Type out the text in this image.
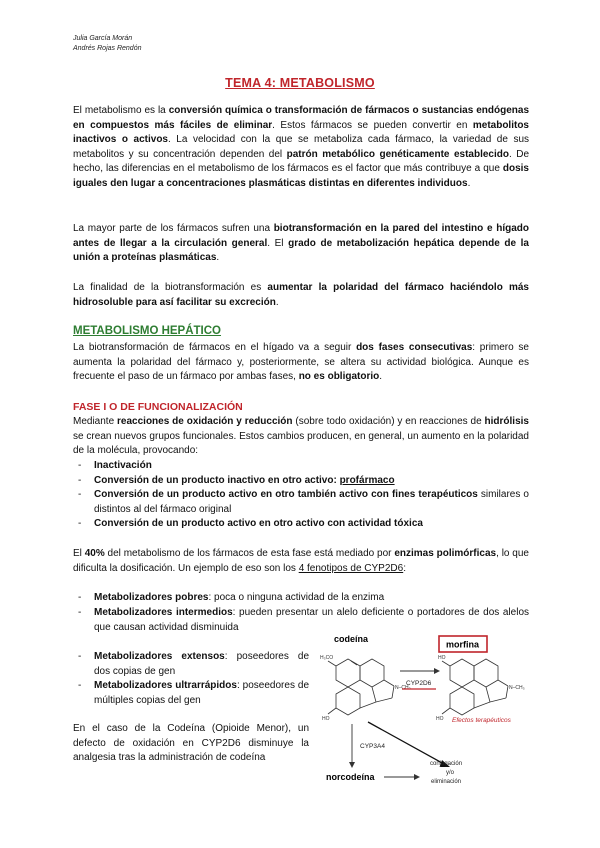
Julia García Morán
Andrés Rojas Rendón
TEMA 4: METABOLISMO
El metabolismo es la conversión química o transformación de fármacos o sustancias endógenas en compuestos más fáciles de eliminar. Estos fármacos se pueden convertir en metabolitos inactivos o activos. La velocidad con la que se metaboliza cada fármaco, la variedad de sus metabolitos y su concentración dependen del patrón metabólico genéticamente establecido. De hecho, las diferencias en el metabolismo de los fármacos es el factor que más contribuye a que dosis iguales den lugar a concentraciones plasmáticas distintas en diferentes individuos.
La mayor parte de los fármacos sufren una biotransformación en la pared del intestino e hígado antes de llegar a la circulación general. El grado de metabolización hepática depende de la unión a proteínas plasmáticas.
La finalidad de la biotransformación es aumentar la polaridad del fármaco haciéndolo más hidrosoluble para así facilitar su excreción.
METABOLISMO HEPÁTICO
La biotransformación de fármacos en el hígado va a seguir dos fases consecutivas: primero se aumenta la polaridad del fármaco y, posteriormente, se altera su actividad biológica. Aunque es frecuente el paso de un fármaco por ambas fases, no es obligatorio.
FASE I O DE FUNCIONALIZACIÓN
Mediante reacciones de oxidación y reducción (sobre todo oxidación) y en reacciones de hidrólisis se crean nuevos grupos funcionales. Estos cambios producen, en general, un aumento en la polaridad de la molécula, provocando:
- Inactivación
- Conversión de un producto inactivo en otro activo: profármaco
- Conversión de un producto activo en otro también activo con fines terapéuticos similares o distintos al del fármaco original
- Conversión de un producto activo en otro activo con actividad tóxica
El 40% del metabolismo de los fármacos de esta fase está mediado por enzimas polimórficas, lo que dificulta la dosificación. Un ejemplo de eso son los 4 fenotipos de CYP2D6:
- Metabolizadores pobres: poca o ninguna actividad de la enzima
- Metabolizadores intermedios: pueden presentar un alelo deficiente o portadores de dos alelos que causan actividad disminuida
- Metabolizadores extensos: poseedores de dos copias de gen
- Metabolizadores ultrarrápidos: poseedores de múltiples copias del gen
En el caso de la Codeína (Opioide Menor), un defecto de oxidación en CYP2D6 disminuye la analgesia tras la administración de codeína
codeína
H₃CO
HO
N–CH₃
CYP2D6
morfina
HO
HO
N–CH₃
Efectos terapéuticos
CYP3A4
norcodeína
conjugación
y/o
eliminación
